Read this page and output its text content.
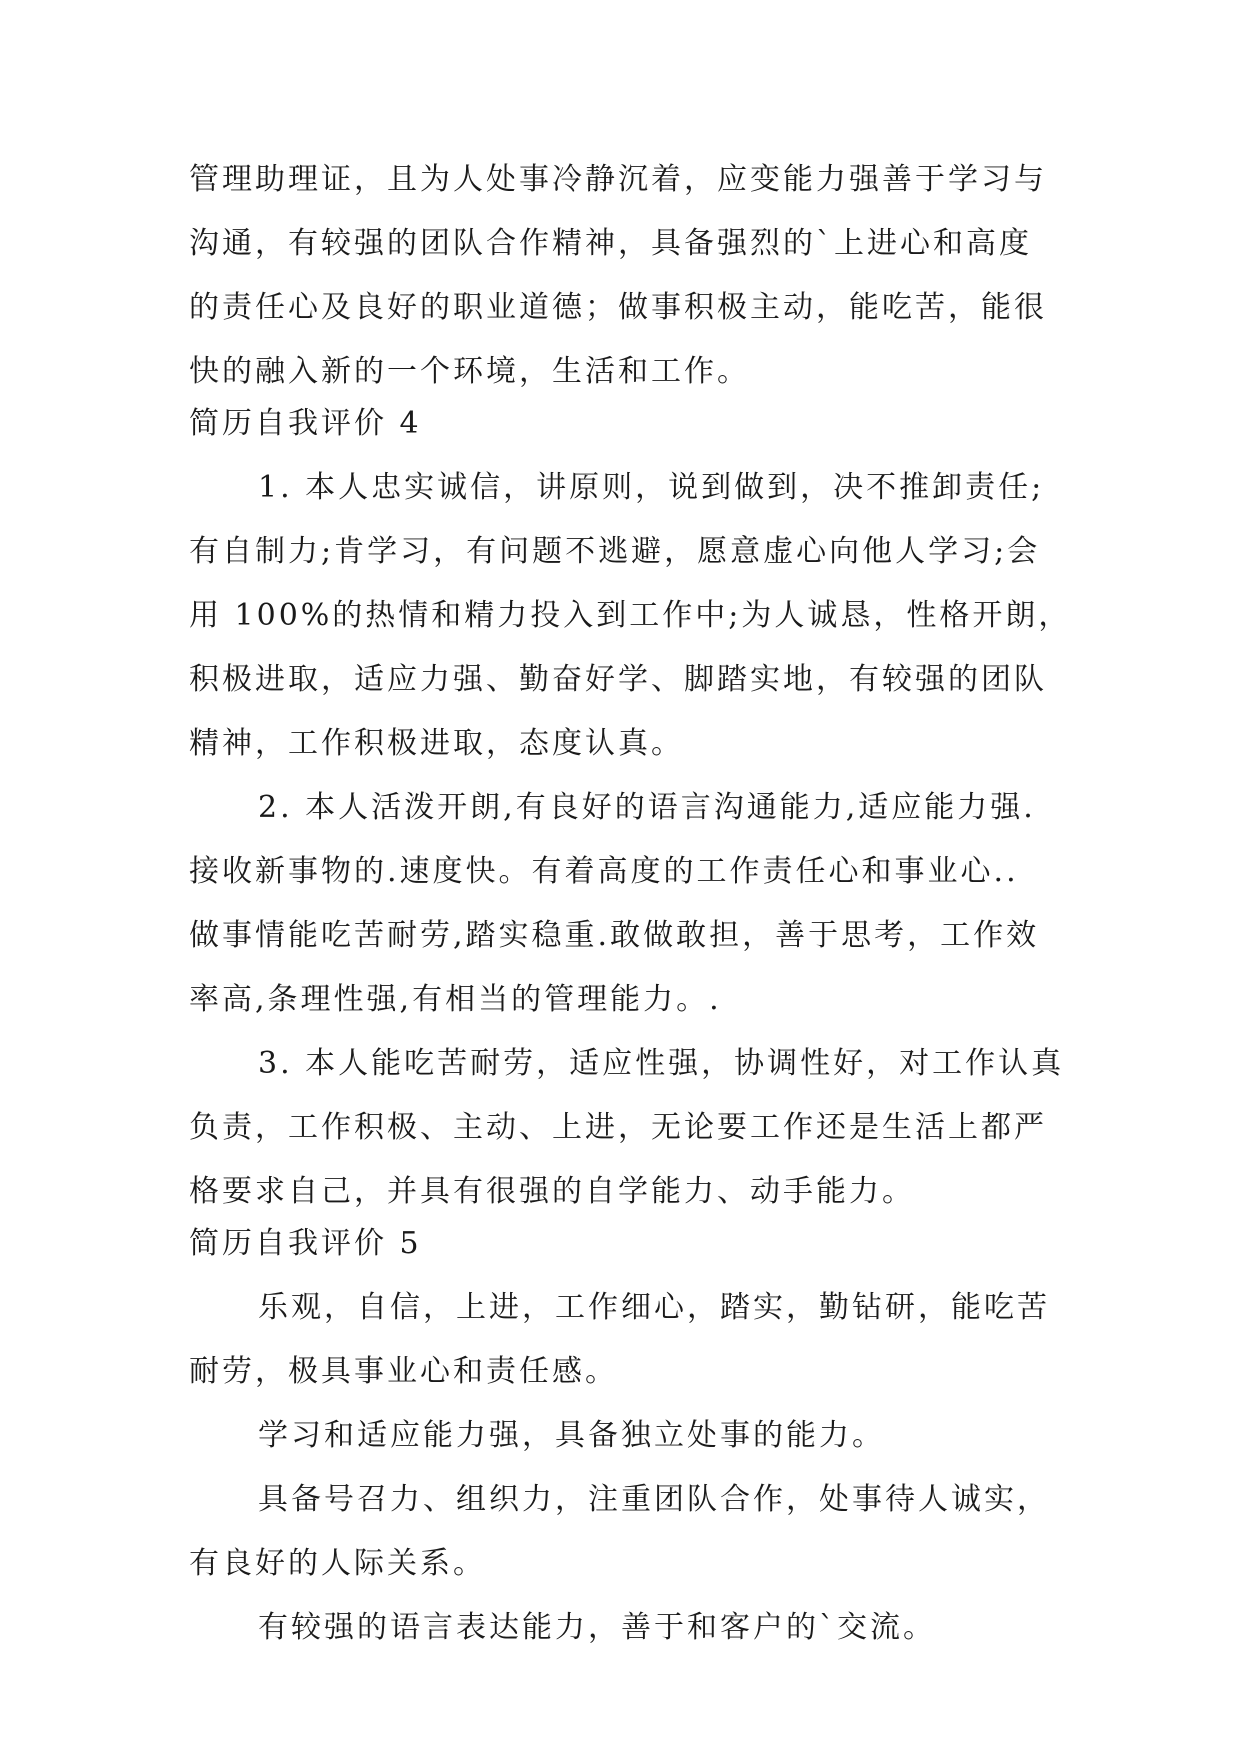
管理助理证，且为人处事冷静沉着，应变能力强善于学习与
沟通，有较强的团队合作精神，具备强烈的`上进心和高度
的责任心及良好的职业道德；做事积极主动，能吃苦，能很
快的融入新的一个环境，生活和工作。
简历自我评价 4
1. 本人忠实诚信，讲原则，说到做到，决不推卸责任;
有自制力;肯学习，有问题不逃避，愿意虚心向他人学习;会
用 100%的热情和精力投入到工作中;为人诚恳，性格开朗，
积极进取，适应力强、勤奋好学、脚踏实地，有较强的团队
精神，工作积极进取，态度认真。
2. 本人活泼开朗,有良好的语言沟通能力,适应能力强.
接收新事物的.速度快。有着高度的工作责任心和事业心..
做事情能吃苦耐劳,踏实稳重.敢做敢担，善于思考，工作效
率高,条理性强,有相当的管理能力。.
3. 本人能吃苦耐劳，适应性强，协调性好，对工作认真
负责，工作积极、主动、上进，无论要工作还是生活上都严
格要求自己，并具有很强的自学能力、动手能力。
简历自我评价 5
乐观，自信，上进，工作细心，踏实，勤钻研，能吃苦
耐劳，极具事业心和责任感。
学习和适应能力强，具备独立处事的能力。
具备号召力、组织力，注重团队合作，处事待人诚实，
有良好的人际关系。
有较强的语言表达能力，善于和客户的`交流。
